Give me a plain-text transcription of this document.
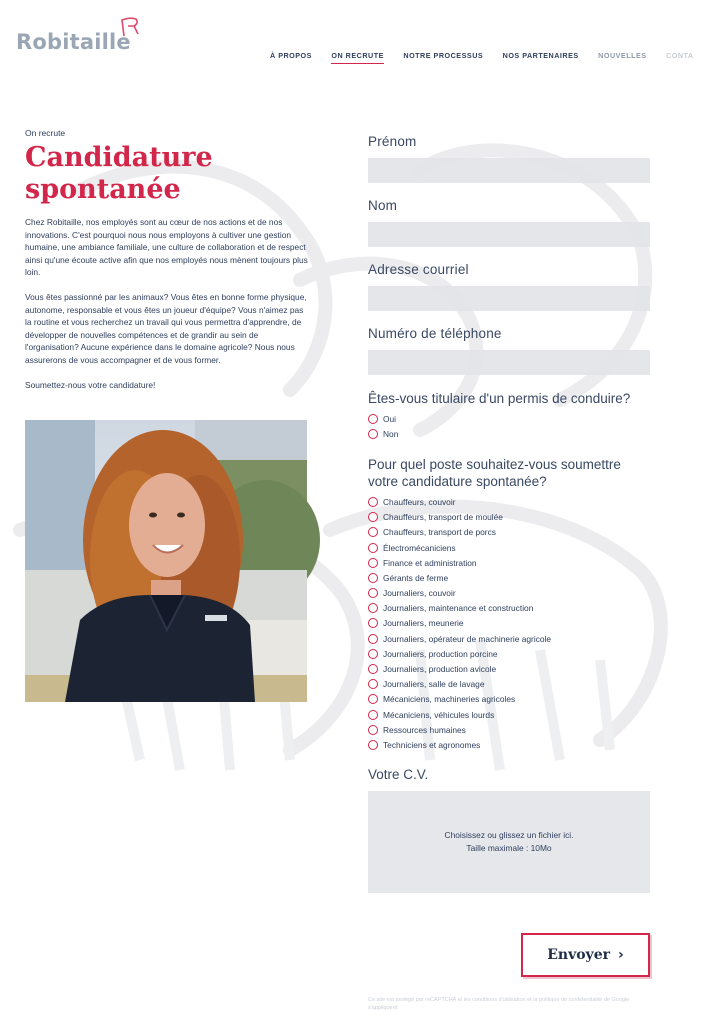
Robitaille
À PROPOS	ON RECRUTE	NOTRE PROCESSUS	NOS PARTENAIRES	NOUVELLES	CONTA
On recrute
Candidature spontanée

Chez Robitaille, nos employés sont au cœur de nos actions et de nos innovations. C'est pourquoi nous nous employons à cultiver une gestion humaine, une ambiance familiale, une culture de collaboration et de respect ainsi qu'une écoute active afin que nos employés nous mènent toujours plus loin.

Vous êtes passionné par les animaux? Vous êtes en bonne forme physique, autonome, responsable et vous êtes un joueur d'équipe? Vous n'aimez pas la routine et vous recherchez un travail qui vous permettra d'apprendre, de développer de nouvelles compétences et de grandir au sein de l'organisation? Aucune expérience dans le domaine agricole? Nous nous assurerons de vous accompagner et de vous former.

Soumettez-nous votre candidature!

Prénom
Nom
Adresse courriel
Numéro de téléphone
Êtes-vous titulaire d'un permis de conduire?
Oui
Non
Pour quel poste souhaitez-vous soumettre votre candidature spontanée?
Chauffeurs, couvoir
Chauffeurs, transport de moulée
Chauffeurs, transport de porcs
Électromécaniciens
Finance et administration
Gérants de ferme
Journaliers, couvoir
Journaliers, maintenance et construction
Journaliers, meunerie
Journaliers, opérateur de machinerie agricole
Journaliers, production porcine
Journaliers, production avicole
Journaliers, salle de lavage
Mécaniciens, machineries agricoles
Mécaniciens, véhicules lourds
Ressources humaines
Techniciens et agronomes
Votre C.V.
Choisissez ou glissez un fichier ici.
Taille maximale : 10Mo
Envoyer ›
Ce site est protégé par reCAPTCHA et les conditions d'utilisation et la politique de confidentialité de Google s'appliquent.
